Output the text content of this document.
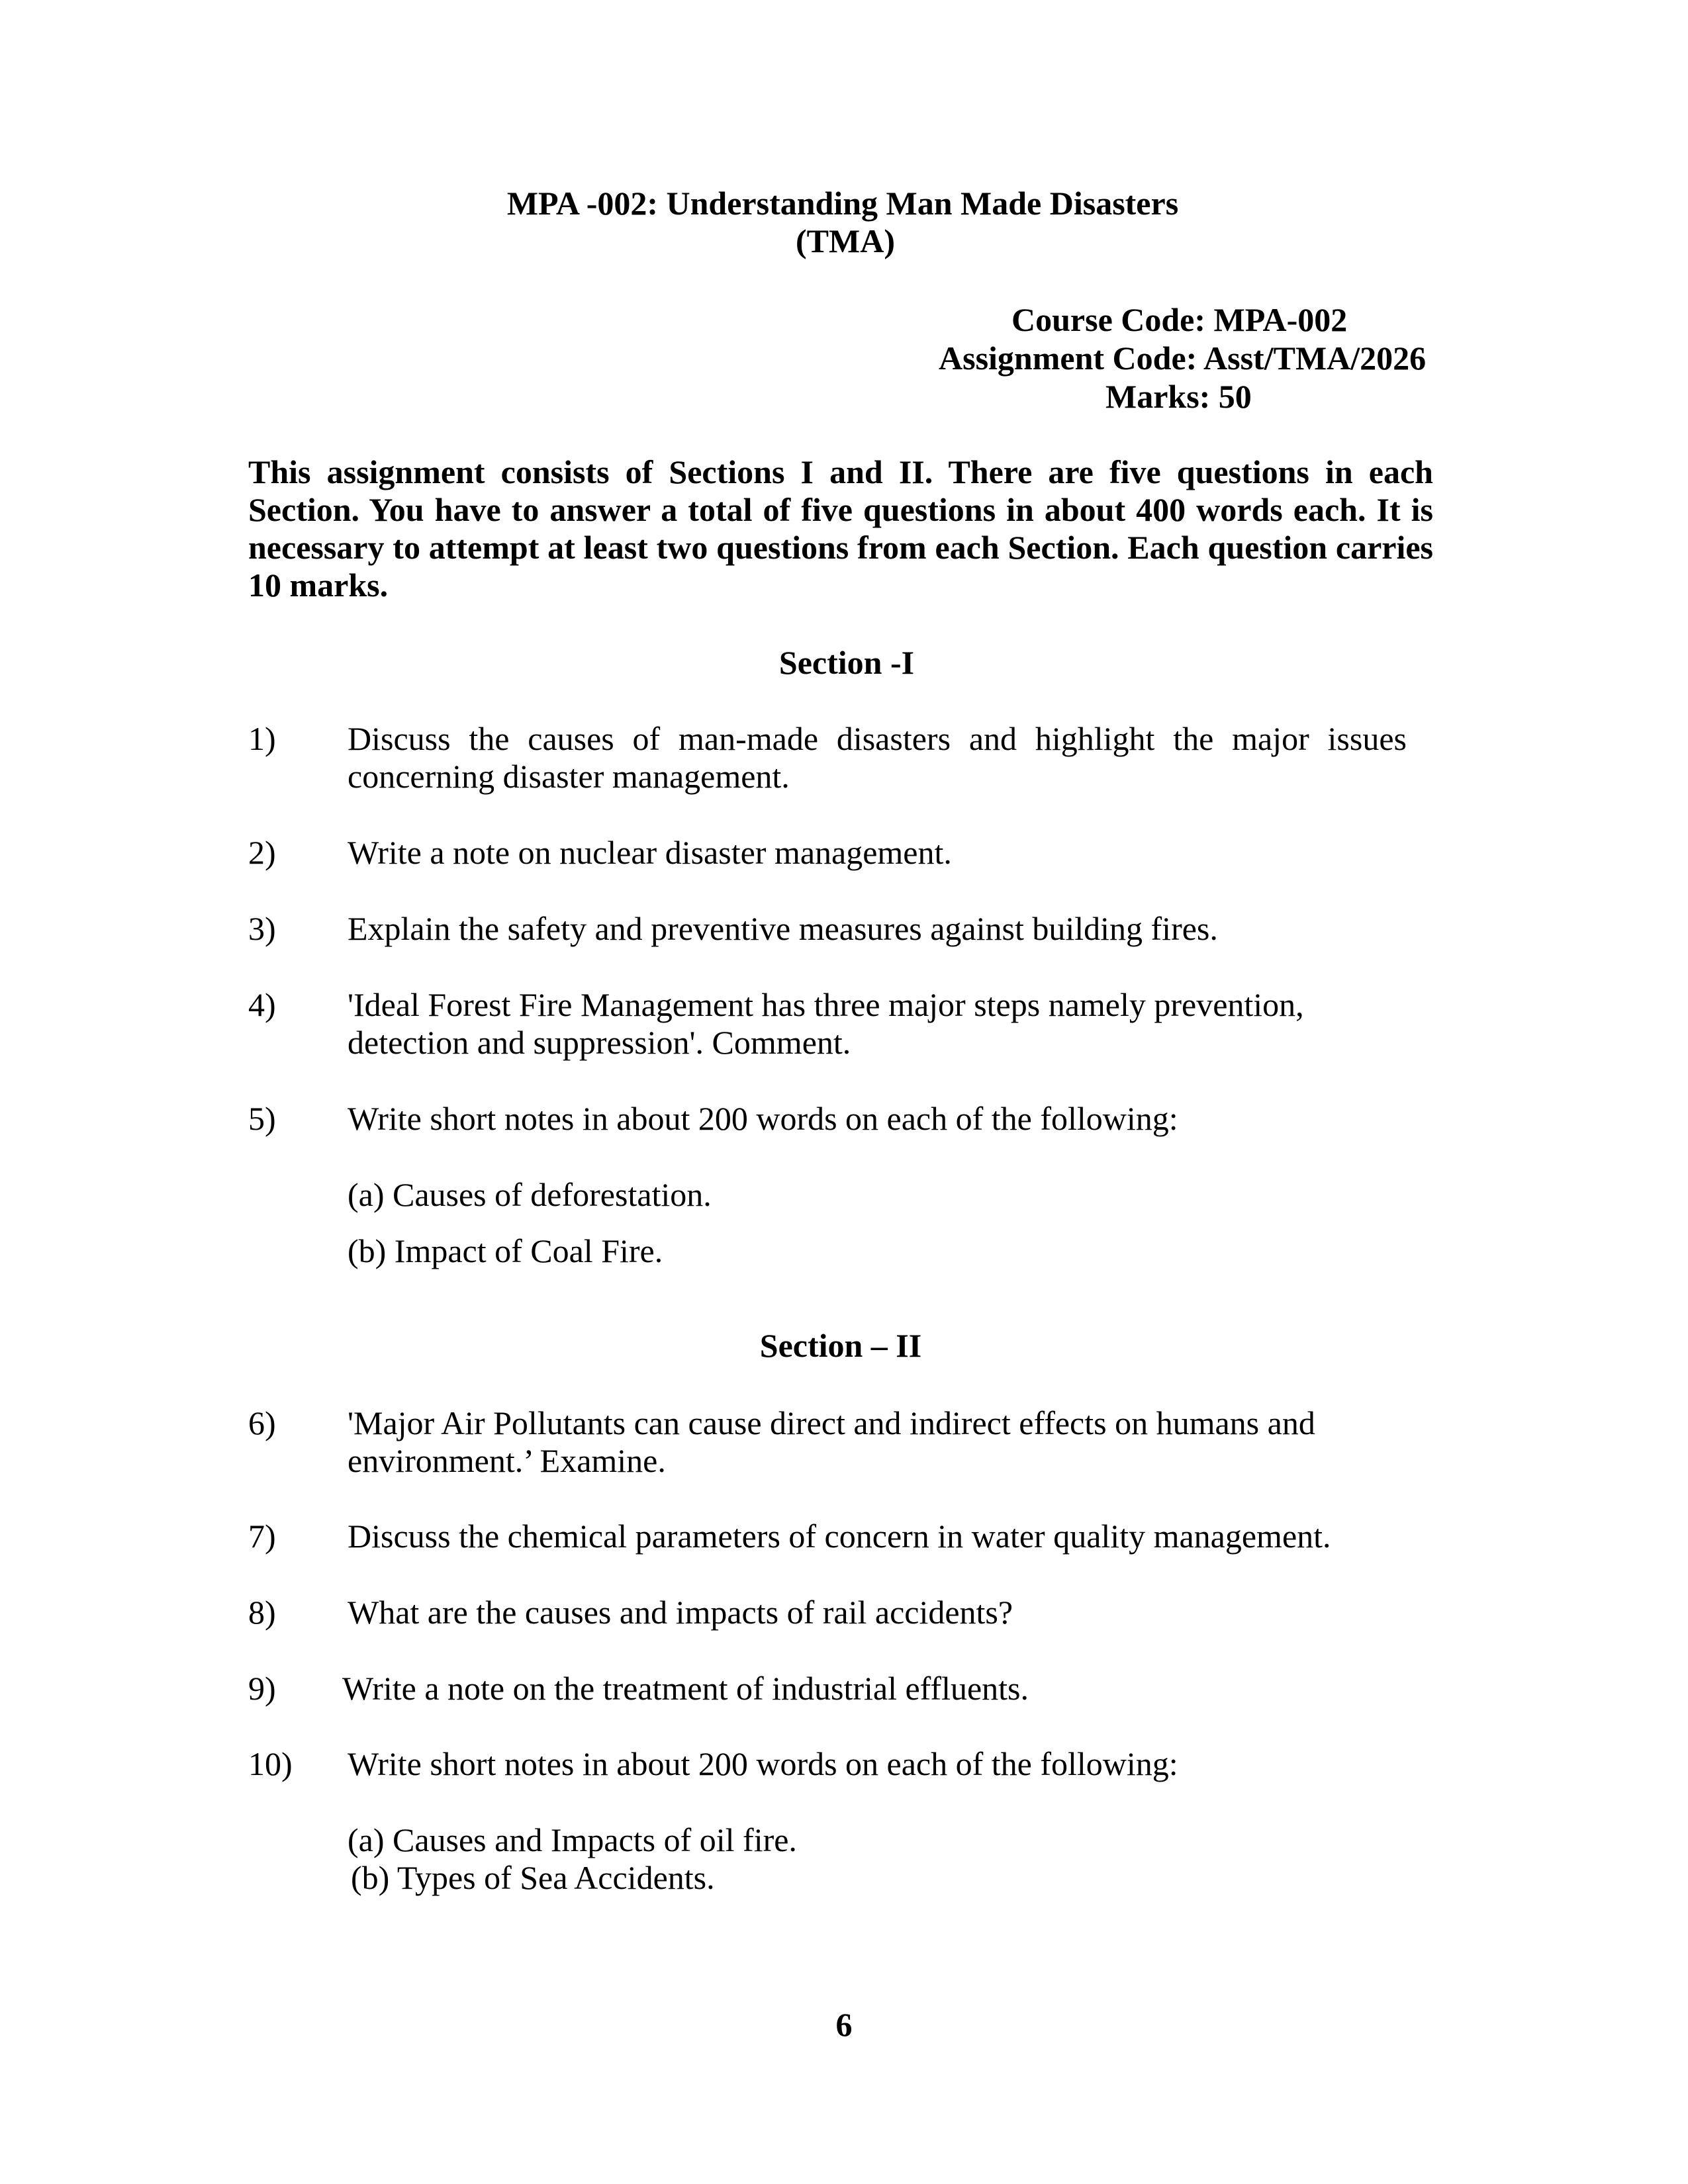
MPA -002: Understanding Man Made Disasters
(TMA)
Course Code: MPA-002
Assignment Code: Asst/TMA/2026
Marks: 50
This assignment consists of Sections I and II. There are five questions in each Section. You have to answer a total of five questions in about 400 words each. It is necessary to attempt at least two questions from each Section. Each question carries 10 marks.
Section -I
1) Discuss the causes of man-made disasters and highlight the major issues concerning disaster management.
2) Write a note on nuclear disaster management.
3) Explain the safety and preventive measures against building fires.
4) 'Ideal Forest Fire Management has three major steps namely prevention, detection and suppression'. Comment.
5) Write short notes in about 200 words on each of the following:
(a) Causes of deforestation.
(b) Impact of Coal Fire.
Section – II
6) 'Major Air Pollutants can cause direct and indirect effects on humans and environment.’ Examine.
7) Discuss the chemical parameters of concern in water quality management.
8) What are the causes and impacts of rail accidents?
9) Write a note on the treatment of industrial effluents.
10) Write short notes in about 200 words on each of the following:
(a) Causes and Impacts of oil fire.
(b) Types of Sea Accidents.
6
